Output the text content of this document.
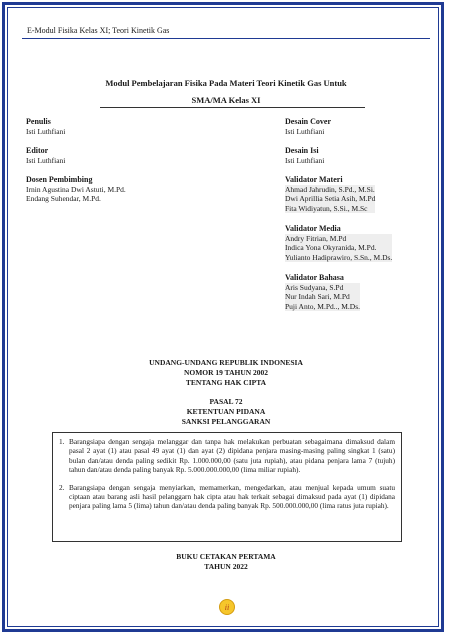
E-Modul Fisika Kelas XI; Teori Kinetik Gas
Modul Pembelajaran Fisika Pada Materi Teori Kinetik Gas Untuk
SMA/MA Kelas XI
Penulis
Isti Luthfiani
Editor
Isti Luthfiani
Dosen Pembimbing
Irnin Agustina Dwi Astuti, M.Pd.
Endang Suhendar, M.Pd.
Desain Cover
Isti Luthfiani
Desain Isi
Isti Luthfiani
Validator Materi
Ahmad Jahrudin, S.Pd., M.Si.
Dwi Aprillia Setia Asih, M.Pd
Fita Widiyatun, S.Si., M.Sc
Validator Media
Andry Fitrian, M.Pd
Indica Yona Okyranida, M.Pd.
Yulianto Hadiprawiro, S.Sn., M.Ds.
Validator Bahasa
Aris Sudyana, S.Pd
Nur Indah Sari, M.Pd
Puji Anto, M.Pd.., M.Ds.
UNDANG-UNDANG REPUBLIK INDONESIA
NOMOR 19 TAHUN 2002
TENTANG HAK CIPTA
PASAL 72
KETENTUAN PIDANA
SANKSI PELANGGARAN
1. Barangsiapa dengan sengaja melanggar dan tanpa hak melakukan perbuatan sebagaimana dimaksud dalam pasal 2 ayat (1) atau pasal 49 ayat (1) dan ayat (2) dipidana penjara masing-masing paling singkat 1 (satu) bulan dan/atau denda paling sedikit Rp. 1.000.000,00 (satu juta rupiah), atau pidana penjara lama 7 (tujuh) tahun dan/atau denda paling banyak Rp. 5.000.000.000,00 (lima miliar rupiah).
2. Barangsiapa dengan sengaja menyiarkan, memamerkan, mengedarkan, atau menjual kepada umum suatu ciptaan atau barang asli hasil pelanggarn hak cipta atau hak terkait sebagai dimaksud pada ayat (1) dipidana penjara paling lama 5 (lima) tahun dan/atau denda paling banyak Rp. 500.000.000,00 (lima ratus juta rupiah).
BUKU CETAKAN PERTAMA
TAHUN 2022
ii
